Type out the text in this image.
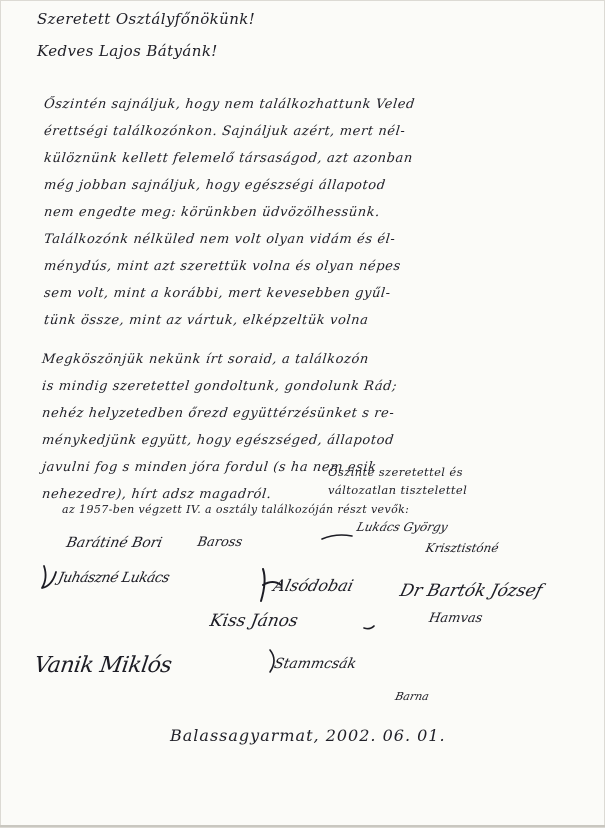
Szeretett Osztályfőnökünk!
Kedves Lajos Bátyánk!
Őszintén sajnáljuk, hogy nem találkozhattunk Veled
érettségi találkozónkon. Sajnáljuk azért, mert nél-
külöznünk kellett felemelő társaságod, azt azonban
még jobban sajnáljuk, hogy egészségi állapotod
nem engedte meg: körünkben üdvözölhessünk.
Találkozónk nélküled nem volt olyan vidám és él-
ménydús, mint azt szerettük volna és olyan népes
sem volt, mint a korábbi, mert kevesebben gyűl-
tünk össze, mint az vártuk, elképzeltük volna
Megköszönjük nekünk írt soraid, a találkozón
is mindig szeretettel gondoltunk, gondolunk Rád;
nehéz helyzetedben őrezd együttérzésünket s re-
ménykedjünk együtt, hogy egészséged, állapotod
javulni fog s minden jóra fordul (s ha nem esik
nehezedre), hírt adsz magadról.
Őszinte szeretettel és
változatlan tisztelettel
az 1957-ben végzett IV. a osztály találkozóján részt vevők:
Barátiné Bori	Baross
Lukács György
Krisztistóné
Juhászné Lukács	Alsódobai Dr Bartók József
Kiss János	Hamvas
Vanik Miklós	Stammcsák
Barna
Balassagyarmat, 2002. 06. 01.
